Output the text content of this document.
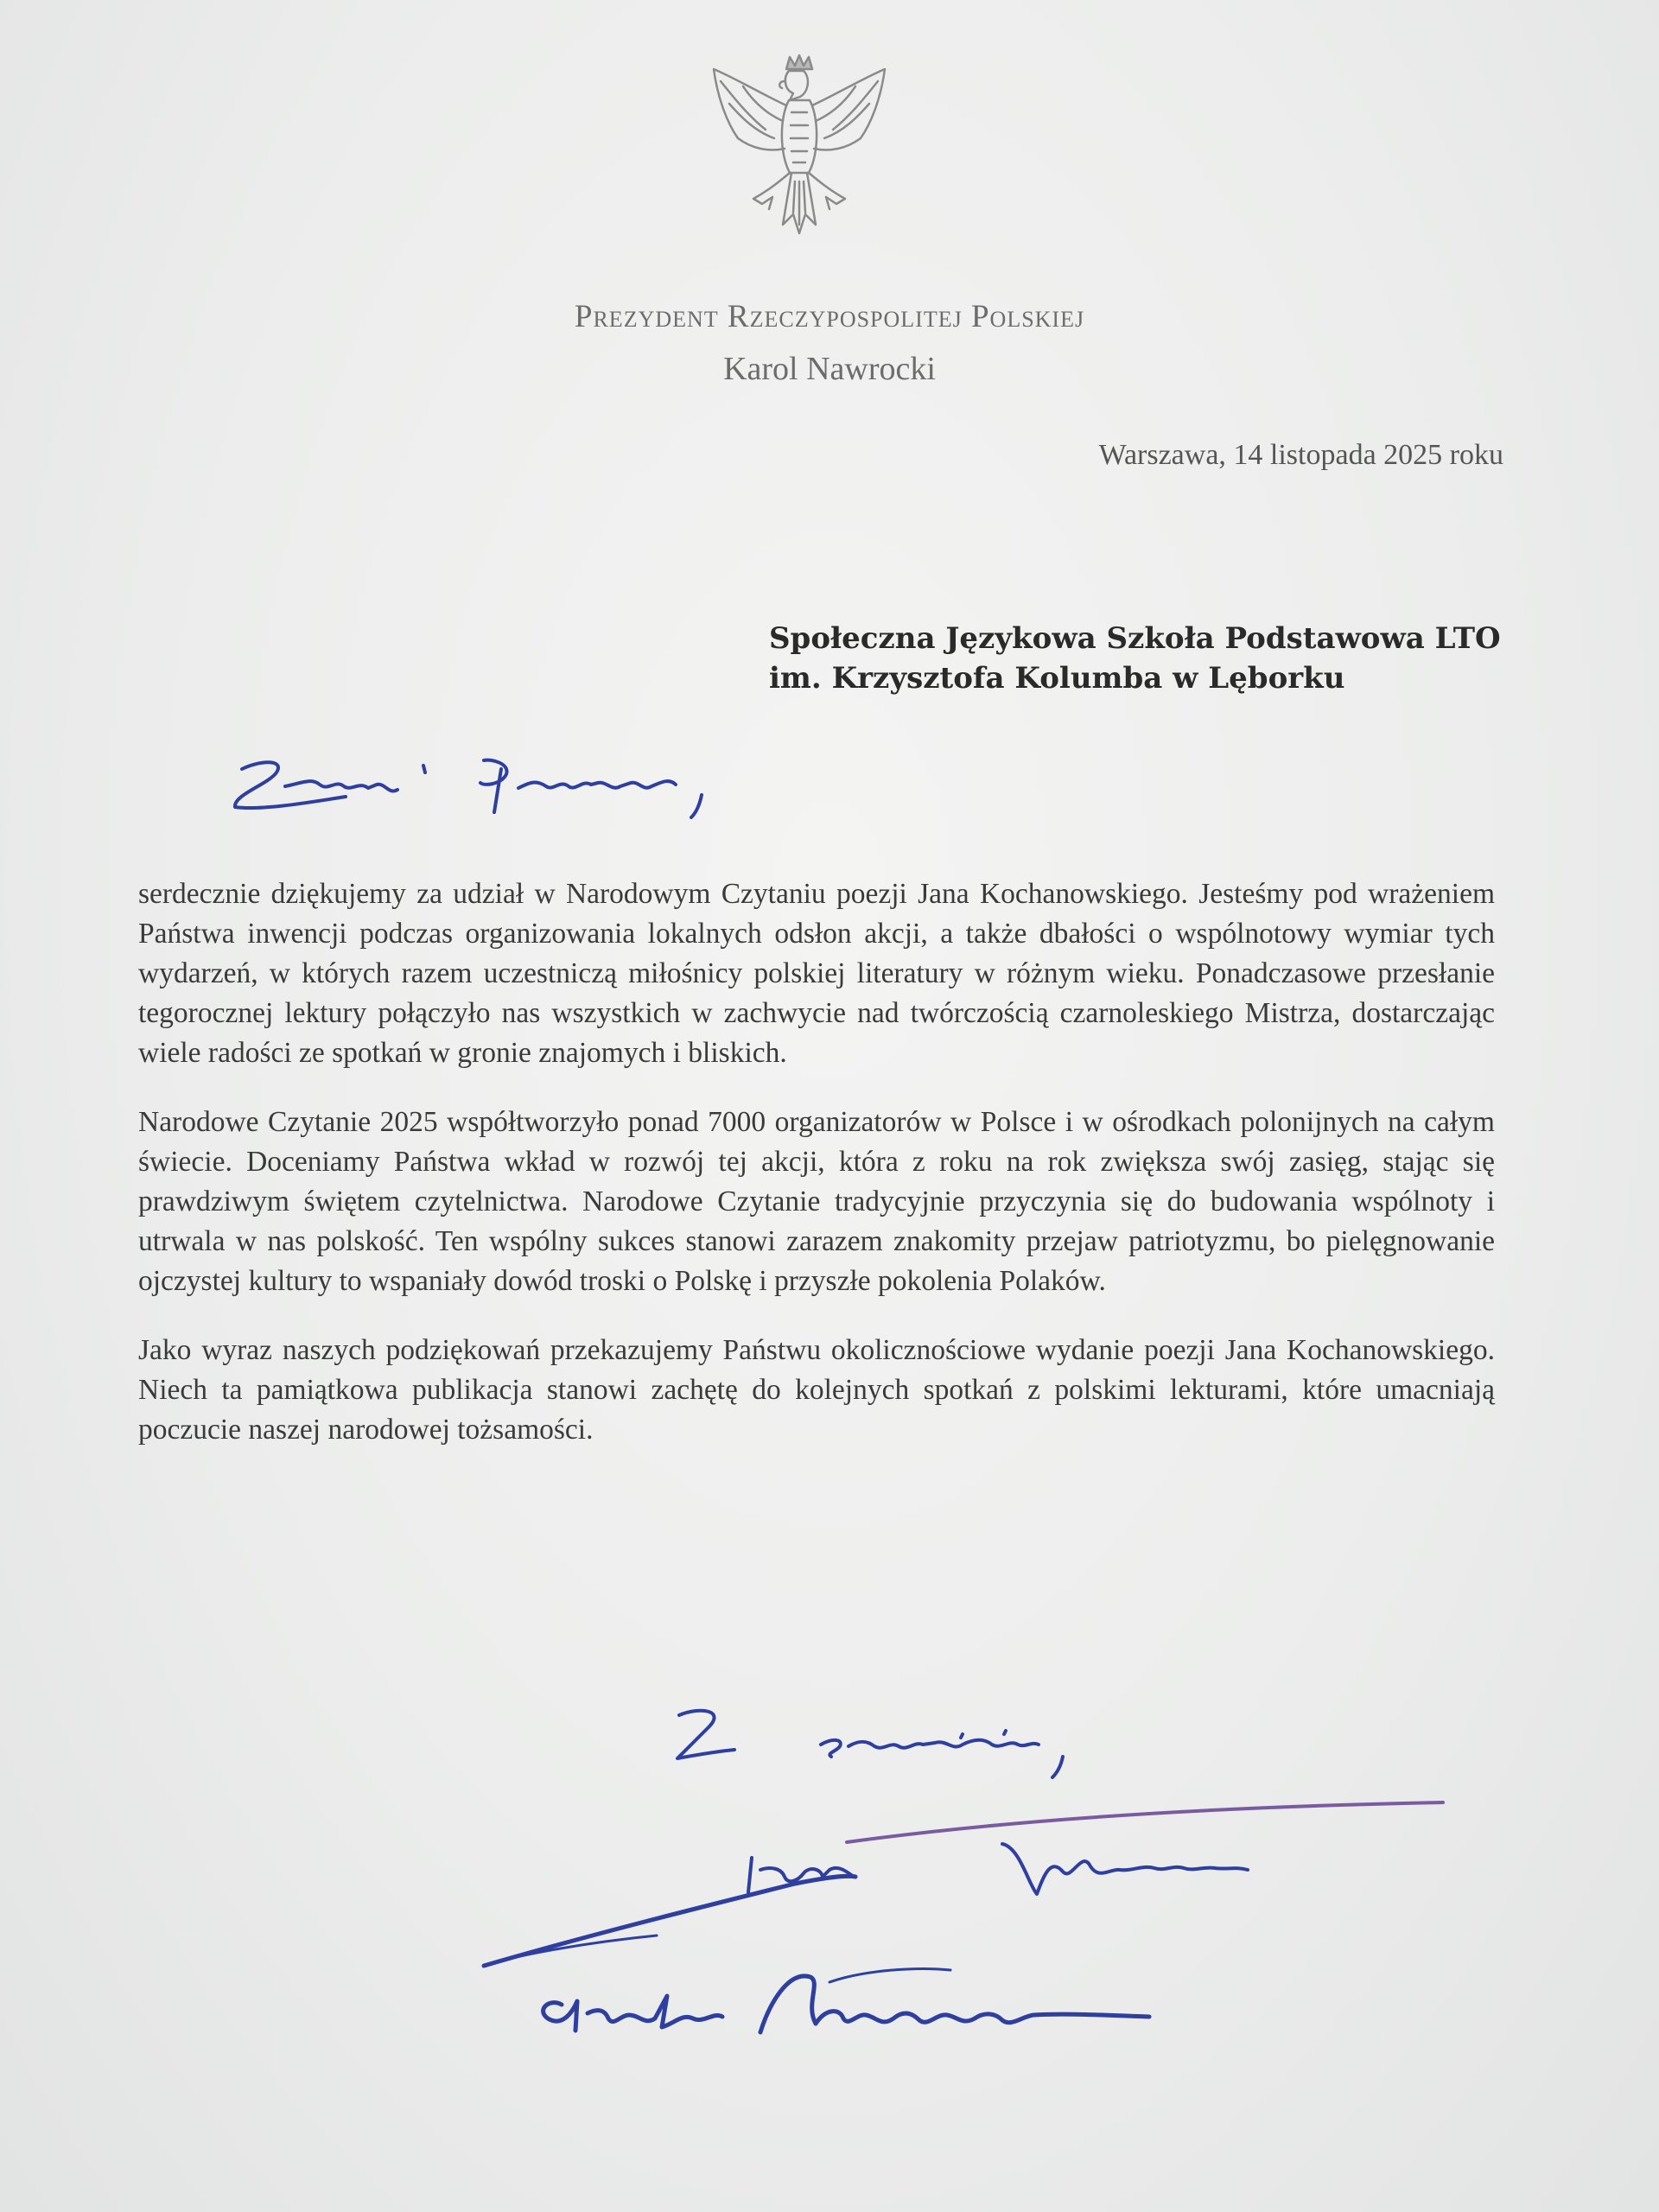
Prezydent Rzeczypospolitej Polskiej
Karol Nawrocki
Warszawa, 14 listopada 2025 roku
Społeczna Językowa Szkoła Podstawowa LTO
im. Krzysztofa Kolumba w Lęborku

serdecznie dziękujemy za udział w Narodowym Czytaniu poezji Jana Kochanowskiego. Jesteśmy pod wrażeniem Państwa inwencji podczas organizowania lokalnych odsłon akcji, a także dbałości o wspólnotowy wymiar tych wydarzeń, w których razem uczestniczą miłośnicy polskiej literatury w różnym wieku. Ponadczasowe przesłanie tegorocznej lektury połączyło nas wszystkich w zachwycie nad twórczością czarnoleskiego Mistrza, dostarczając wiele radości ze spotkań w gronie znajomych i bliskich.

Narodowe Czytanie 2025 współtworzyło ponad 7000 organizatorów w Polsce i w ośrodkach polonijnych na całym świecie. Doceniamy Państwa wkład w rozwój tej akcji, która z roku na rok zwiększa swój zasięg, stając się prawdziwym świętem czytelnictwa. Narodowe Czytanie tradycyjnie przyczynia się do budowania wspólnoty i utrwala w nas polskość. Ten wspólny sukces stanowi zarazem znakomity przejaw patriotyzmu, bo pielęgnowanie ojczystej kultury to wspaniały dowód troski o Polskę i przyszłe pokolenia Polaków.

Jako wyraz naszych podziękowań przekazujemy Państwu okolicznościowe wydanie poezji Jana Kochanowskiego. Niech ta pamiątkowa publikacja stanowi zachętę do kolejnych spotkań z polskimi lekturami, które umacniają poczucie naszej narodowej tożsamości.
